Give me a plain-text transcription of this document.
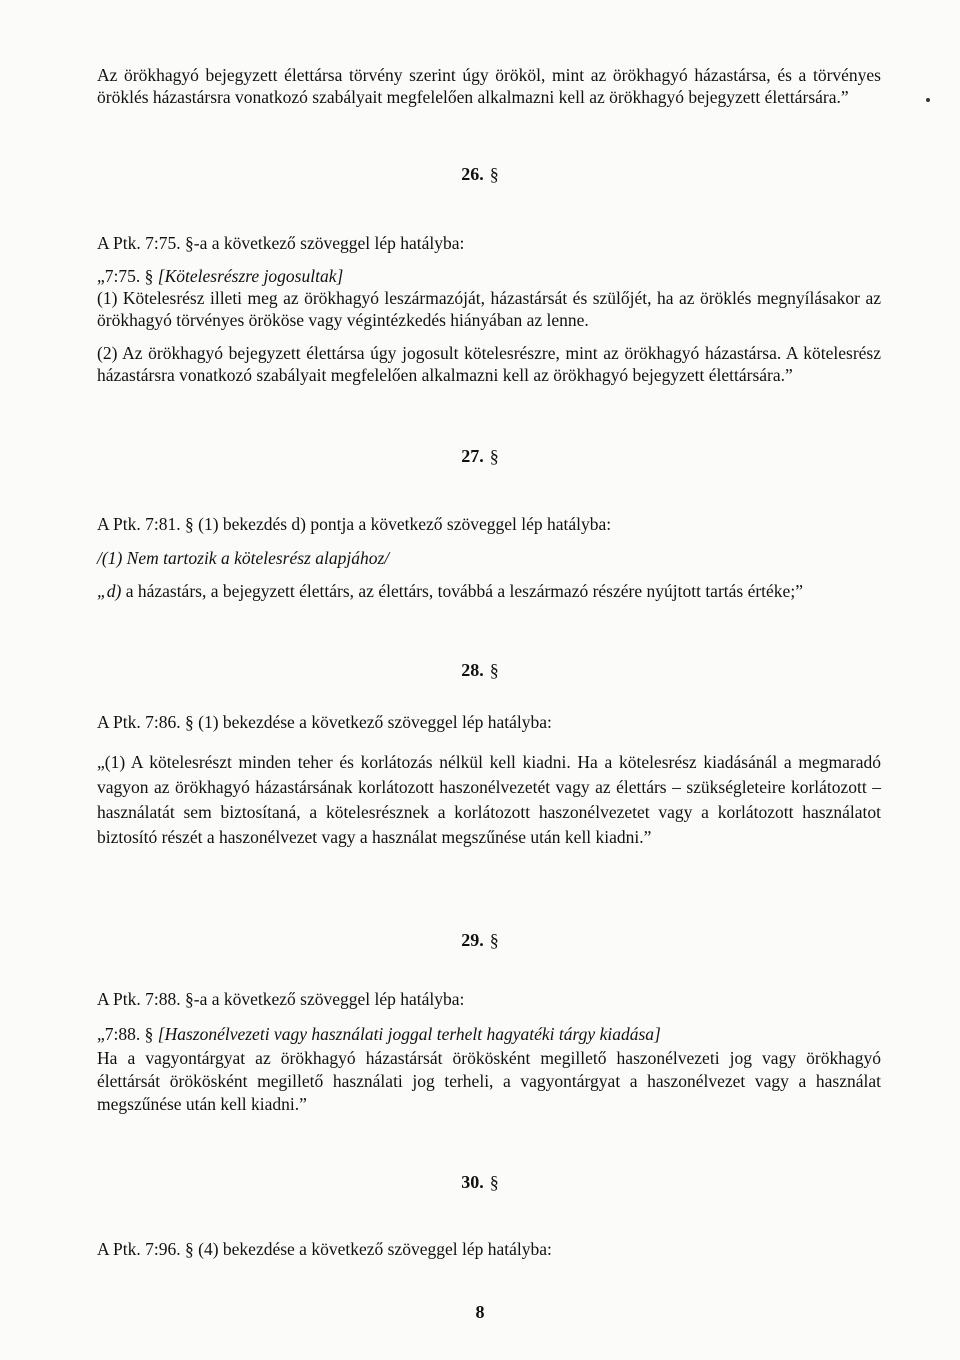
Az örökhagyó bejegyzett élettársa törvény szerint úgy örököl, mint az örökhagyó házastársa, és a törvényes öröklés házastársra vonatkozó szabályait megfelelően alkalmazni kell az örökhagyó bejegyzett élettársára.”
26. §
A Ptk. 7:75. §-a a következő szöveggel lép hatályba:
„7:75. § [Kötelesrészre jogosultak]
(1) Kötelesrész illeti meg az örökhagyó leszármazóját, házastársát és szülőjét, ha az öröklés megnyílásakor az örökhagyó törvényes örököse vagy végintézkedés hiányában az lenne.
(2) Az örökhagyó bejegyzett élettársa úgy jogosult kötelesrészre, mint az örökhagyó házastársa. A kötelesrész házastársra vonatkozó szabályait megfelelően alkalmazni kell az örökhagyó bejegyzett élettársára.”
27. §
A Ptk. 7:81. § (1) bekezdés d) pontja a következő szöveggel lép hatályba:
/(1) Nem tartozik a kötelesrész alapjához/
„d) a házastárs, a bejegyzett élettárs, az élettárs, továbbá a leszármazó részére nyújtott tartás értéke;”
28. §
A Ptk. 7:86. § (1) bekezdése a következő szöveggel lép hatályba:
„(1) A kötelesrészt minden teher és korlátozás nélkül kell kiadni. Ha a kötelesrész kiadásánál a megmaradó vagyon az örökhagyó házastársának korlátozott haszonélvezetét vagy az élettárs – szükségleteire korlátozott – használatát sem biztosítaná, a kötelesrésznek a korlátozott haszonélvezetet vagy a korlátozott használatot biztosító részét a haszonélvezet vagy a használat megszűnése után kell kiadni.”
29. §
A Ptk. 7:88. §-a a következő szöveggel lép hatályba:
„7:88. § [Haszonélvezeti vagy használati joggal terhelt hagyatéki tárgy kiadása]
Ha a vagyontárgyat az örökhagyó házastársát örökösként megillető haszonélvezeti jog vagy örökhagyó élettársát örökösként megillető használati jog terheli, a vagyontárgyat a haszonélvezet vagy a használat megszűnése után kell kiadni.”
30. §
A Ptk. 7:96. § (4) bekezdése a következő szöveggel lép hatályba:
8
